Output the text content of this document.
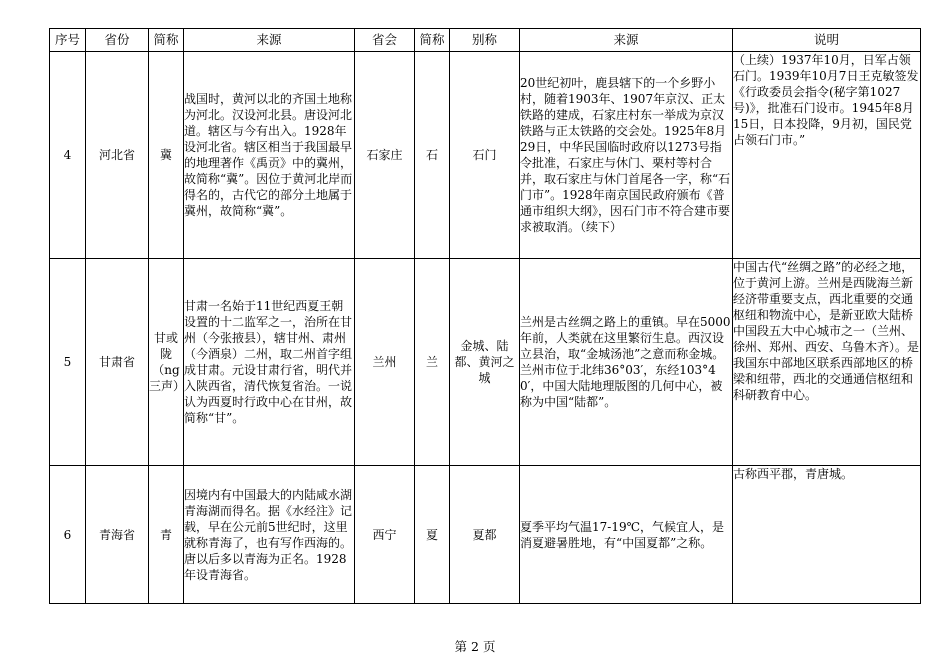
序号	省份	简称	来源	省会	简称	别称	来源	说明
4	河北省	冀	战国时，黄河以北的齐国土地称为河北。汉设河北县。唐设河北道。辖区与今有出入。1928年设河北省。辖区相当于我国最早的地理著作《禹贡》中的冀州，故简称“冀”。因位于黄河北岸而得名的，古代它的部分土地属于冀州，故简称“冀”。	石家庄	石	石门	20世纪初叶，鹿县辖下的一个乡野小村，随着1903年、1907年京汉、正太铁路的建成，石家庄村东一举成为京汉铁路与正太铁路的交会处。1925年8月29日，中华民国临时政府以1273号指令批准，石家庄与休门、栗村等村合并，取石家庄与休门首尾各一字，称“石门市”。1928年南京国民政府颁布《普通市组织大纲》，因石门市不符合建市要求被取消。（续下）	（上续）1937年10月，日军占领石门。1939年10月7日王克敏签发《行政委员会指令(秘字第1027号)》，批准石门设市。1945年8月15日，日本投降，9月初，国民党占领石门市。”
5	甘肃省	甘或陇（ng三声）	甘肃一名始于11世纪西夏王朝设置的十二监军之一，治所在甘州（今张掖县），辖甘州、肃州（今酒泉）二州，取二州首字组成甘肃。元设甘肃行省，明代并入陕西省，清代恢复省治。一说认为西夏时行政中心在甘州，故简称“甘”。	兰州	兰	金城、陆都、黄河之城	兰州是古丝绸之路上的重镇。早在5000年前，人类就在这里繁衍生息。西汉设立县治，取“金城汤池”之意而称金城。兰州市位于北纬36°03′，东经103°40′，中国大陆地理版图的几何中心，被称为中国“陆都”。	中国古代“丝绸之路”的必经之地，位于黄河上游。兰州是西陇海兰新经济带重要支点，西北重要的交通枢纽和物流中心，是新亚欧大陆桥中国段五大中心城市之一（兰州、徐州、郑州、西安、乌鲁木齐）。是我国东中部地区联系西部地区的桥梁和纽带，西北的交通通信枢纽和科研教育中心。
6	青海省	青	因境内有中国最大的内陆咸水湖青海湖而得名。据《水经注》记载，早在公元前5世纪时，这里就称青海了，也有写作西海的。唐以后多以青海为正名。1928年设青海省。	西宁	夏	夏都	夏季平均气温17-19℃，气候宜人，是消夏避暑胜地，有“中国夏都”之称。	古称西平郡，青唐城。
第 2 页
